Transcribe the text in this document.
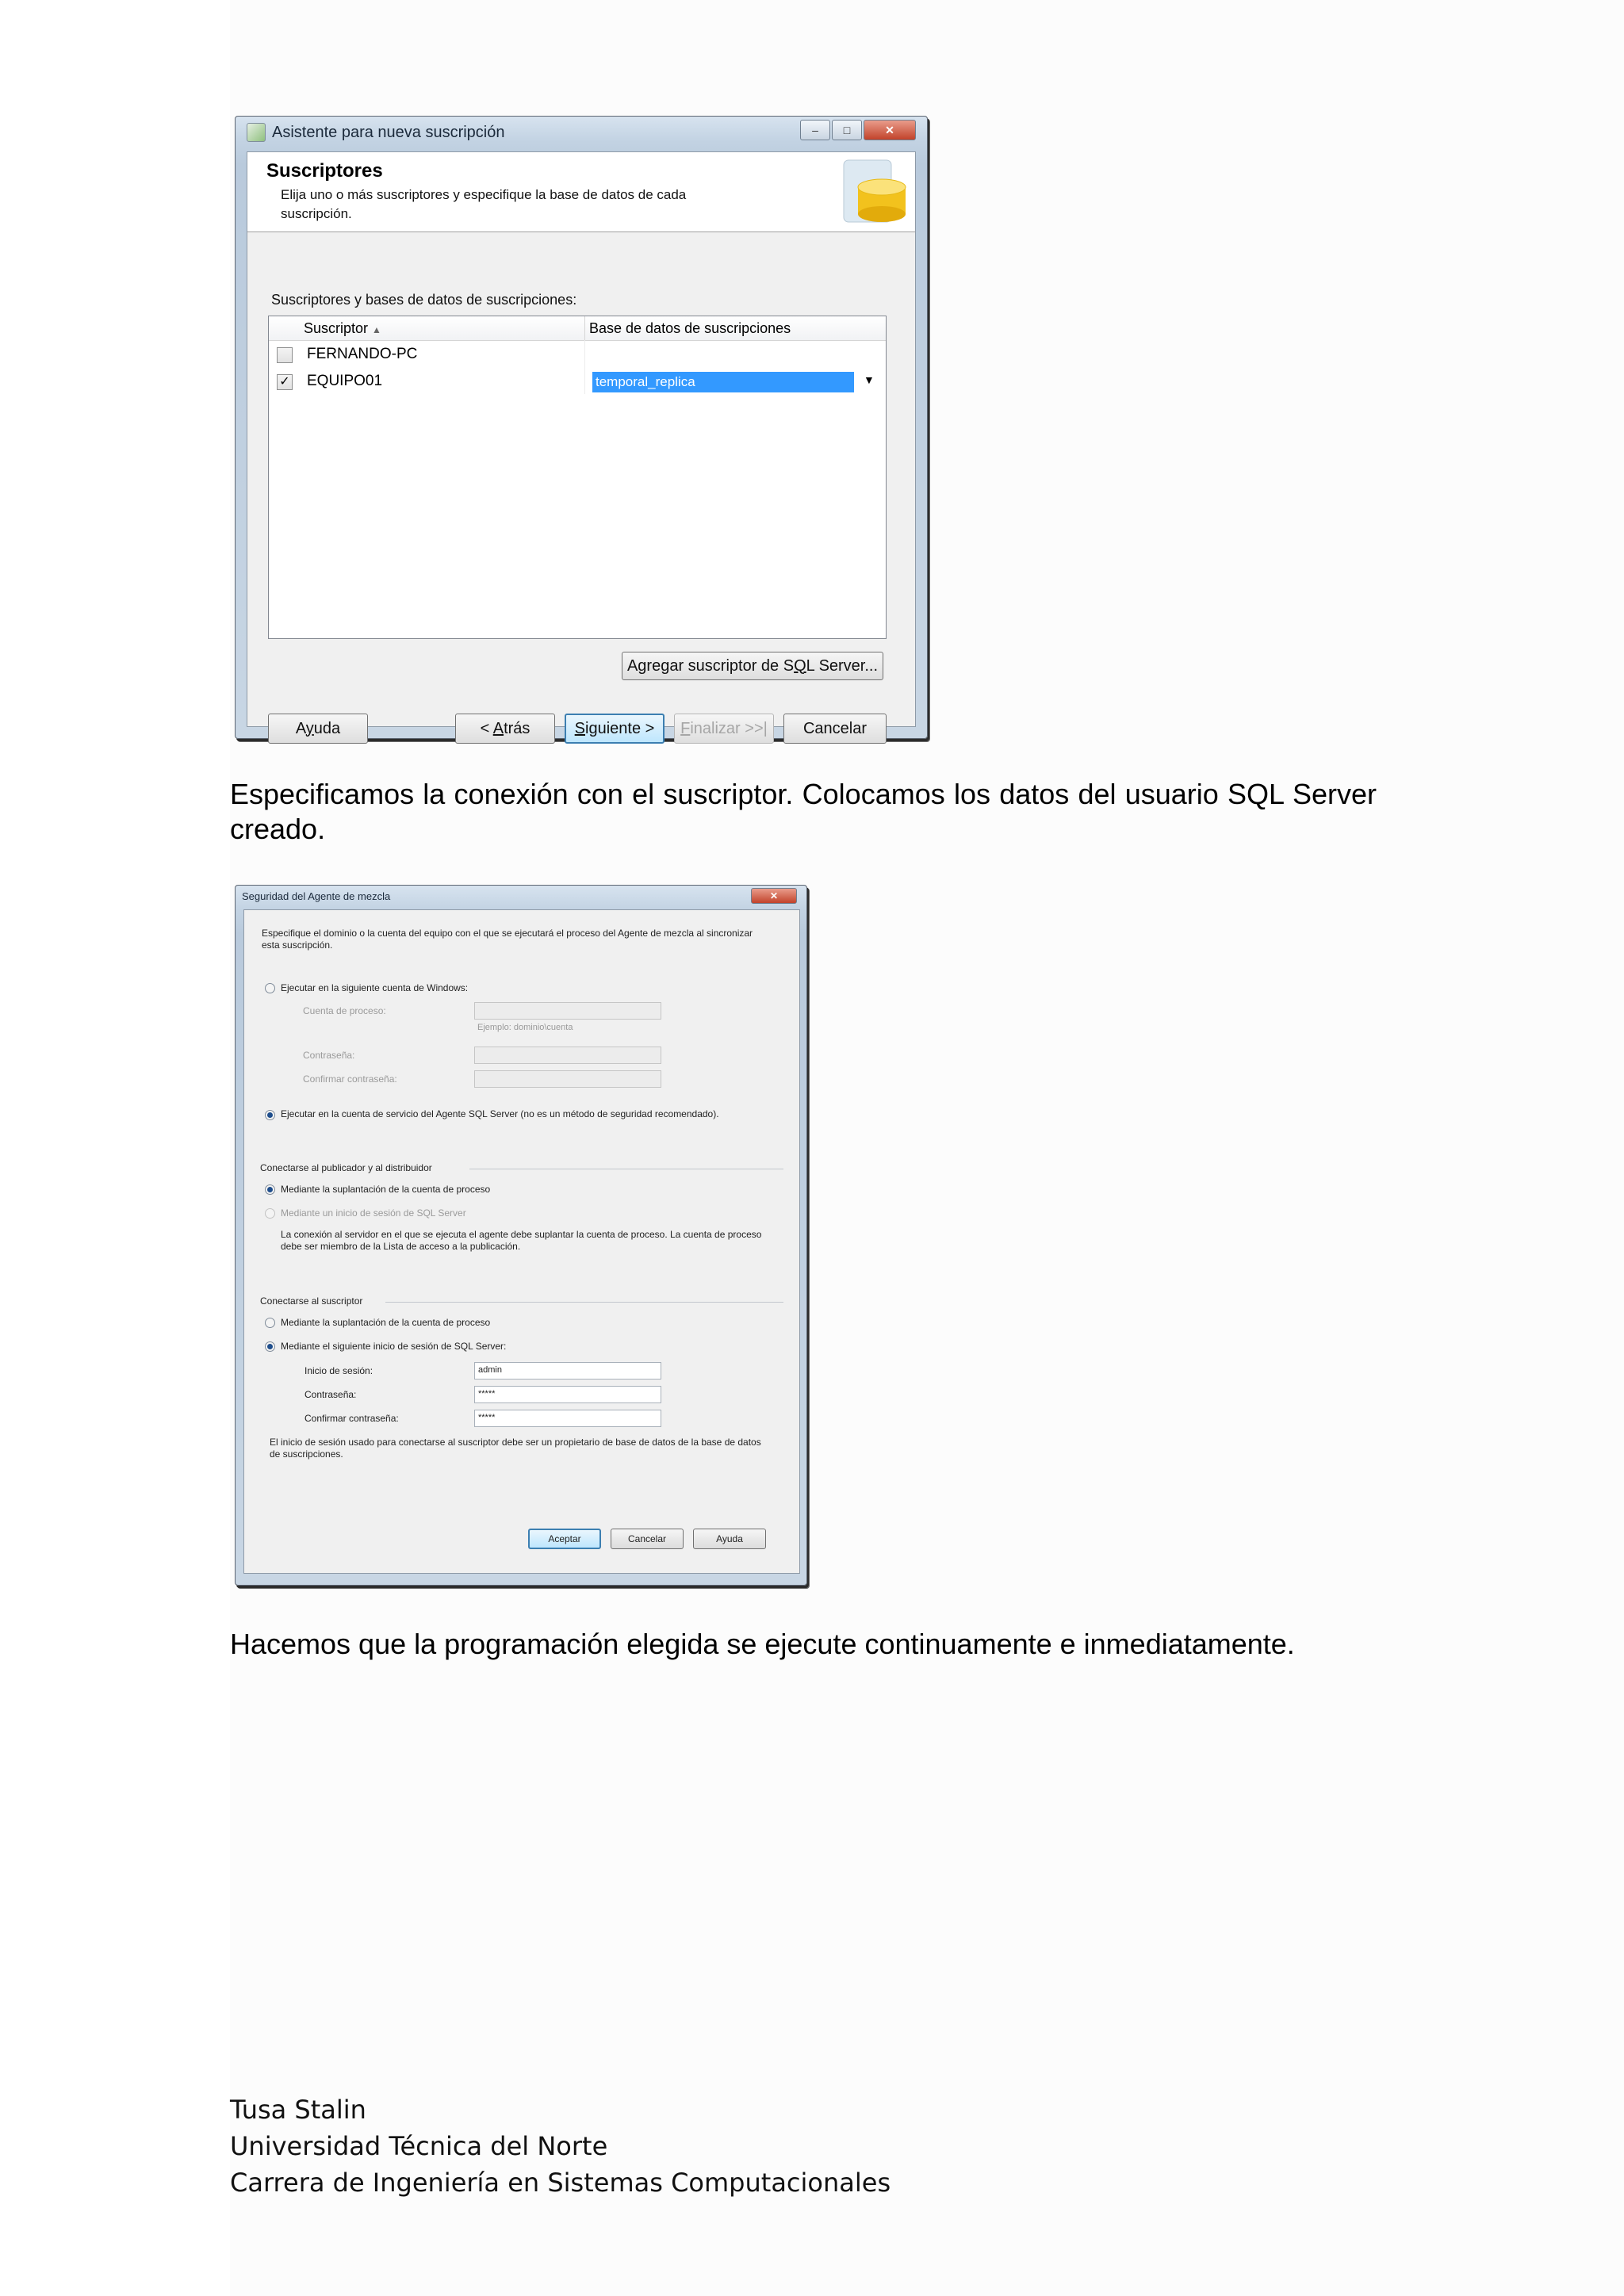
Asistente para nueva suscripción	–	□	✕
Suscriptores
Elija uno o más suscriptores y especifique la base de datos de cada suscripción.
Suscriptores y bases de datos de suscripciones:
Suscriptor ▲	Base de datos de suscripciones
FERNANDO-PC
✓ EQUIPO01	temporal_replica	▼
Agregar suscriptor de SQL Server...
Ayuda	< Atrás	Siguiente > Finalizar >>| Cancelar
Especificamos la conexión con el suscriptor. Colocamos los datos del usuario SQL Server creado.
Seguridad del Agente de mezcla	✕
Especifique el dominio o la cuenta del equipo con el que se ejecutará el proceso del Agente de mezcla al sincronizar esta suscripción.
Ejecutar en la siguiente cuenta de Windows:
Cuenta de proceso:
Ejemplo: dominio\cuenta
Contraseña:
Confirmar contraseña:
Ejecutar en la cuenta de servicio del Agente SQL Server (no es un método de seguridad recomendado).
Conectarse al publicador y al distribuidor
Mediante la suplantación de la cuenta de proceso
Mediante un inicio de sesión de SQL Server
La conexión al servidor en el que se ejecuta el agente debe suplantar la cuenta de proceso. La cuenta de proceso debe ser miembro de la Lista de acceso a la publicación.
Conectarse al suscriptor
Mediante la suplantación de la cuenta de proceso
Mediante el siguiente inicio de sesión de SQL Server:
Inicio de sesión:	admin
Contraseña:	*****
Confirmar contraseña:	*****
El inicio de sesión usado para conectarse al suscriptor debe ser un propietario de base de datos de la base de datos de suscripciones.
Aceptar	Cancelar	Ayuda
Hacemos que la programación elegida se ejecute continuamente e inmediatamente.
Tusa Stalin
Universidad Técnica del Norte
Carrera de Ingeniería en Sistemas Computacionales
